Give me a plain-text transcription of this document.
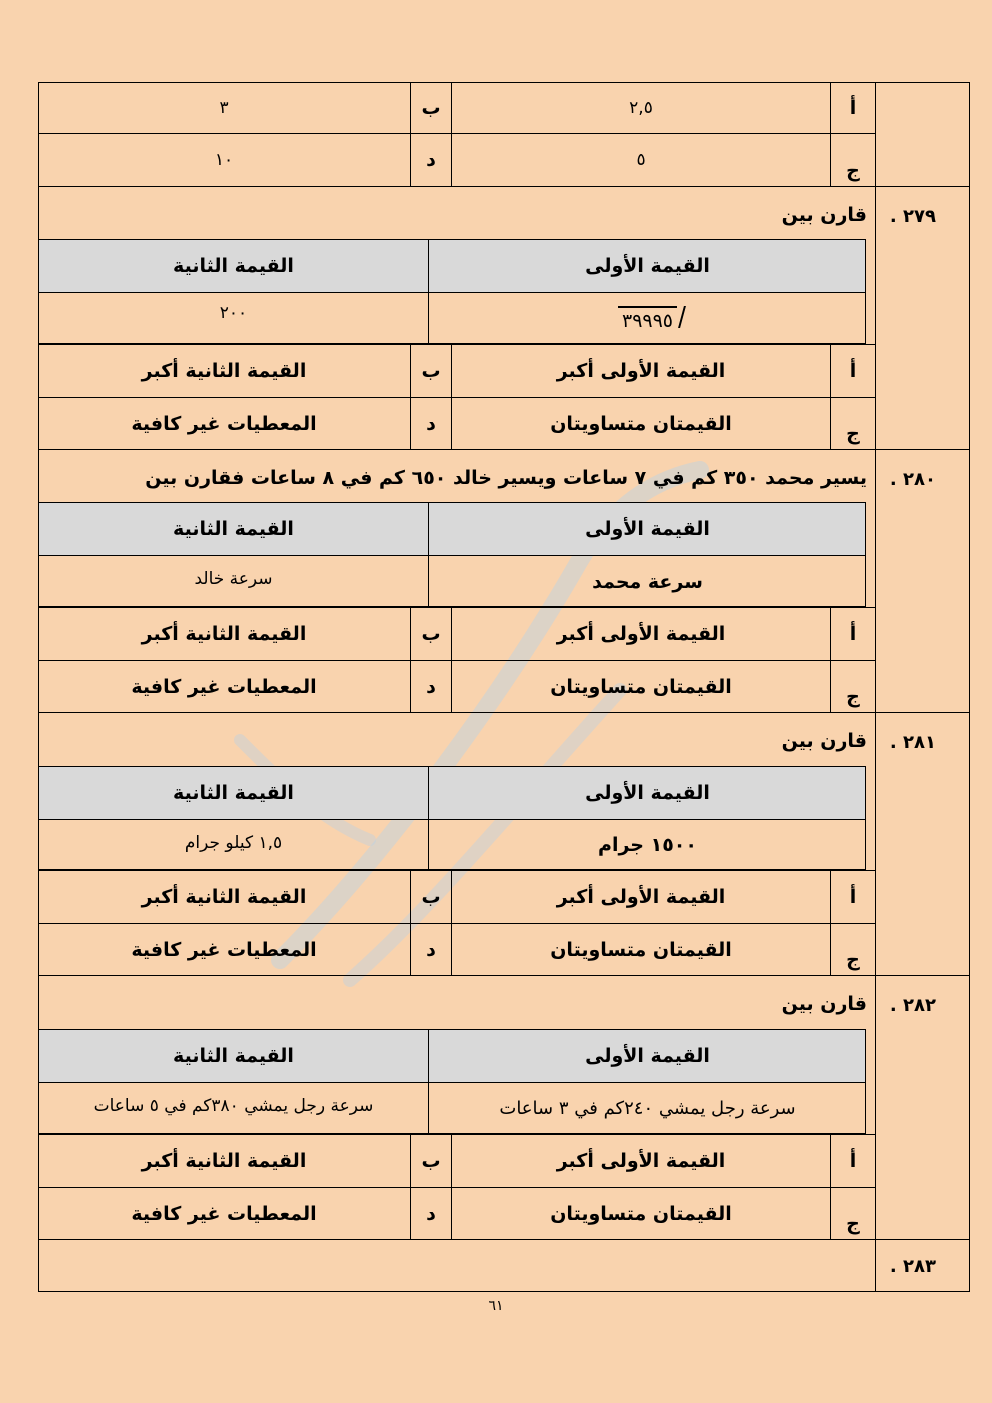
أ
٢,٥
ب
٣
ج
٥
د
١٠
٢٧٩ .
قارن بين
القيمة الأولى
القيمة الثانية
٣٩٩٩٥
٢٠٠
أ
القيمة الأولى أكبر
ب
القيمة الثانية أكبر
ج
القيمتان متساويتان
د
المعطيات غير كافية
٢٨٠ .
يسير محمد ٣٥٠ كم في ٧ ساعات ويسير خالد ٦٥٠ كم في ٨ ساعات فقارن بين
القيمة الأولى
القيمة الثانية
سرعة محمد
سرعة خالد
أ
القيمة الأولى أكبر
ب
القيمة الثانية أكبر
ج
القيمتان متساويتان
د
المعطيات غير كافية
٢٨١ .
قارن بين
القيمة الأولى
القيمة الثانية
١٥٠٠ جرام
١,٥ كيلو جرام
أ
القيمة الأولى أكبر
ب
القيمة الثانية أكبر
ج
القيمتان متساويتان
د
المعطيات غير كافية
٢٨٢ .
قارن بين
القيمة الأولى
القيمة الثانية
سرعة رجل يمشي ٢٤٠كم في ٣ ساعات
سرعة رجل يمشي ٣٨٠كم في ٥ ساعات
أ
القيمة الأولى أكبر
ب
القيمة الثانية أكبر
ج
القيمتان متساويتان
د
المعطيات غير كافية
٢٨٣ .
٦١
